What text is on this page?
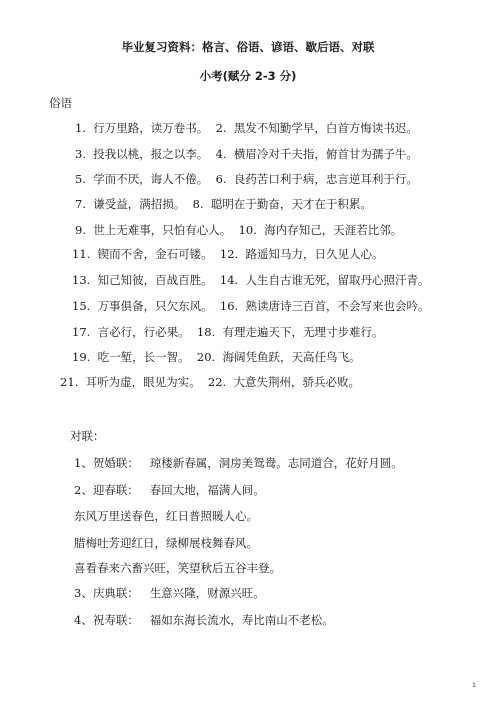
毕业复习资料：格言、俗语、谚语、歇后语、对联
小考(赋分 2-3 分)
俗语
1. 行万里路，读万卷书。 2. 黑发不知勤学早，白首方悔读书迟。
3. 投我以桃，报之以李。 4. 横眉冷对千夫指，俯首甘为孺子牛。
5. 学而不厌，诲人不倦。 6. 良药苦口利于病，忠言逆耳利于行。
7. 谦受益，满招损。 8. 聪明在于勤奋，天才在于积累。
9. 世上无难事，只怕有心人。 10. 海内存知己，天涯若比邻。
11. 锲而不舍，金石可镂。 12. 路遥知马力，日久见人心。
13. 知己知彼，百战百胜。 14. 人生自古谁无死，留取丹心照汗青。
15. 万事俱备，只欠东风。 16. 熟读唐诗三百首，不会写来也会吟。
17. 言必行，行必果。 18. 有理走遍天下，无理寸步难行。
19. 吃一堑，长一智。 20. 海阔凭鱼跃，天高任鸟飞。
21. 耳听为虚，眼见为实。 22. 大意失荆州，骄兵必败。
对联：
1、贺婚联：   琼楼新春属，洞房美鸳鸯。志同道合，花好月圆。
2、迎春联：   春回大地，福满人间。
东风万里送春色，红日普照暖人心。
腊梅吐芳迎红日，绿柳展枝舞春风。
喜看春来六畜兴旺，笑望秋后五谷丰登。
3、庆典联：   生意兴隆，财源兴旺。
4、祝寿联：   福如东海长流水，寿比南山不老松。
1
